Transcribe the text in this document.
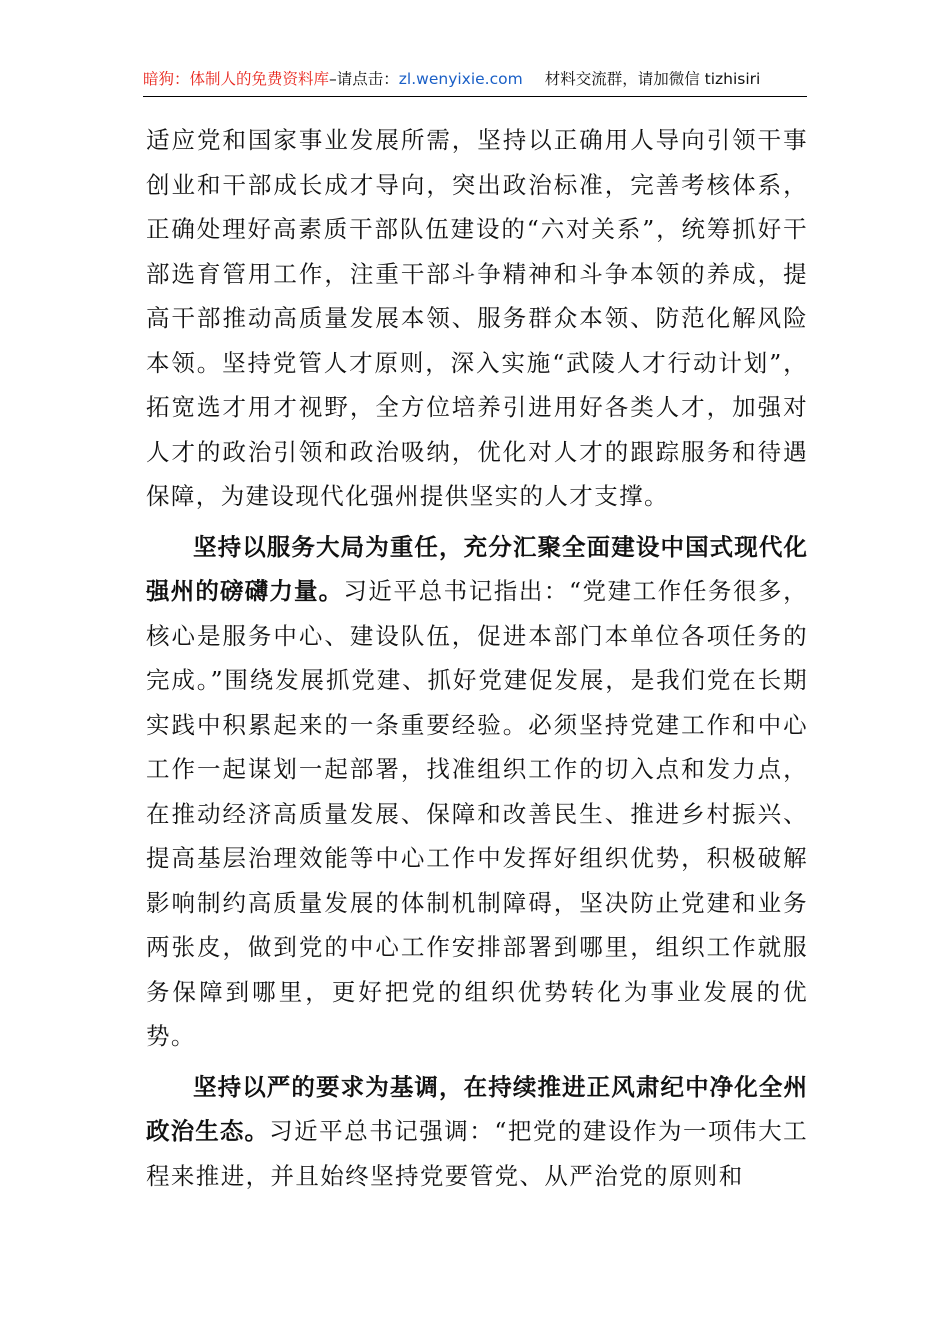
暗狗：体制人的免费资料库–请点击：zl.wenyixie.com 材料交流群，请加微信 tizhisiri

适应党和国家事业发展所需，坚持以正确用人导向引领干事创业和干部成长成才导向，突出政治标准，完善考核体系，正确处理好高素质干部队伍建设的“六对关系”，统筹抓好干部选育管用工作，注重干部斗争精神和斗争本领的养成，提高干部推动高质量发展本领、服务群众本领、防范化解风险本领。坚持党管人才原则，深入实施“武陵人才行动计划”，拓宽选才用才视野，全方位培养引进用好各类人才，加强对人才的政治引领和政治吸纳，优化对人才的跟踪服务和待遇保障，为建设现代化强州提供坚实的人才支撑。

坚持以服务大局为重任，充分汇聚全面建设中国式现代化强州的磅礴力量。习近平总书记指出：“党建工作任务很多，核心是服务中心、建设队伍，促进本部门本单位各项任务的完成。”围绕发展抓党建、抓好党建促发展，是我们党在长期实践中积累起来的一条重要经验。必须坚持党建工作和中心工作一起谋划一起部署，找准组织工作的切入点和发力点，在推动经济高质量发展、保障和改善民生、推进乡村振兴、提高基层治理效能等中心工作中发挥好组织优势，积极破解影响制约高质量发展的体制机制障碍，坚决防止党建和业务两张皮，做到党的中心工作安排部署到哪里，组织工作就服务保障到哪里，更好把党的组织优势转化为事业发展的优势。

坚持以严的要求为基调，在持续推进正风肃纪中净化全州政治生态。习近平总书记强调：“把党的建设作为一项伟大工程来推进，并且始终坚持党要管党、从严治党的原则和
